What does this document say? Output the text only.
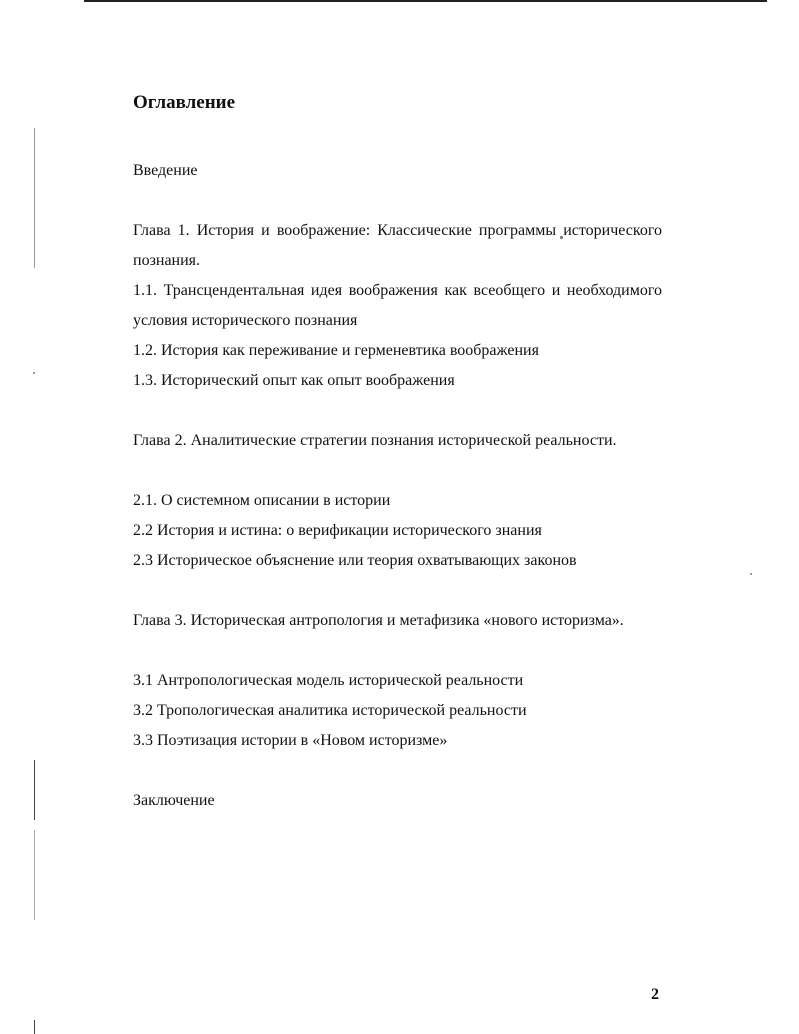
Оглавление

Введение

Глава 1. История и воображение: Классические программы исторического познания.

1.1. Трансцендентальная идея воображения как всеобщего и необходимого условия исторического познания

1.2. История как переживание и герменевтика воображения

1.3. Исторический опыт как опыт воображения

Глава 2. Аналитические стратегии познания исторической реальности.

2.1. О системном описании в истории

2.2 История и истина: о верификации исторического знания

2.3 Историческое объяснение или теория охватывающих законов

Глава 3. Историческая антропология и метафизика «нового историзма».

3.1 Антропологическая модель исторической реальности

3.2 Тропологическая аналитика исторической реальности

3.3 Поэтизация истории в «Новом историзме»

Заключение

2
